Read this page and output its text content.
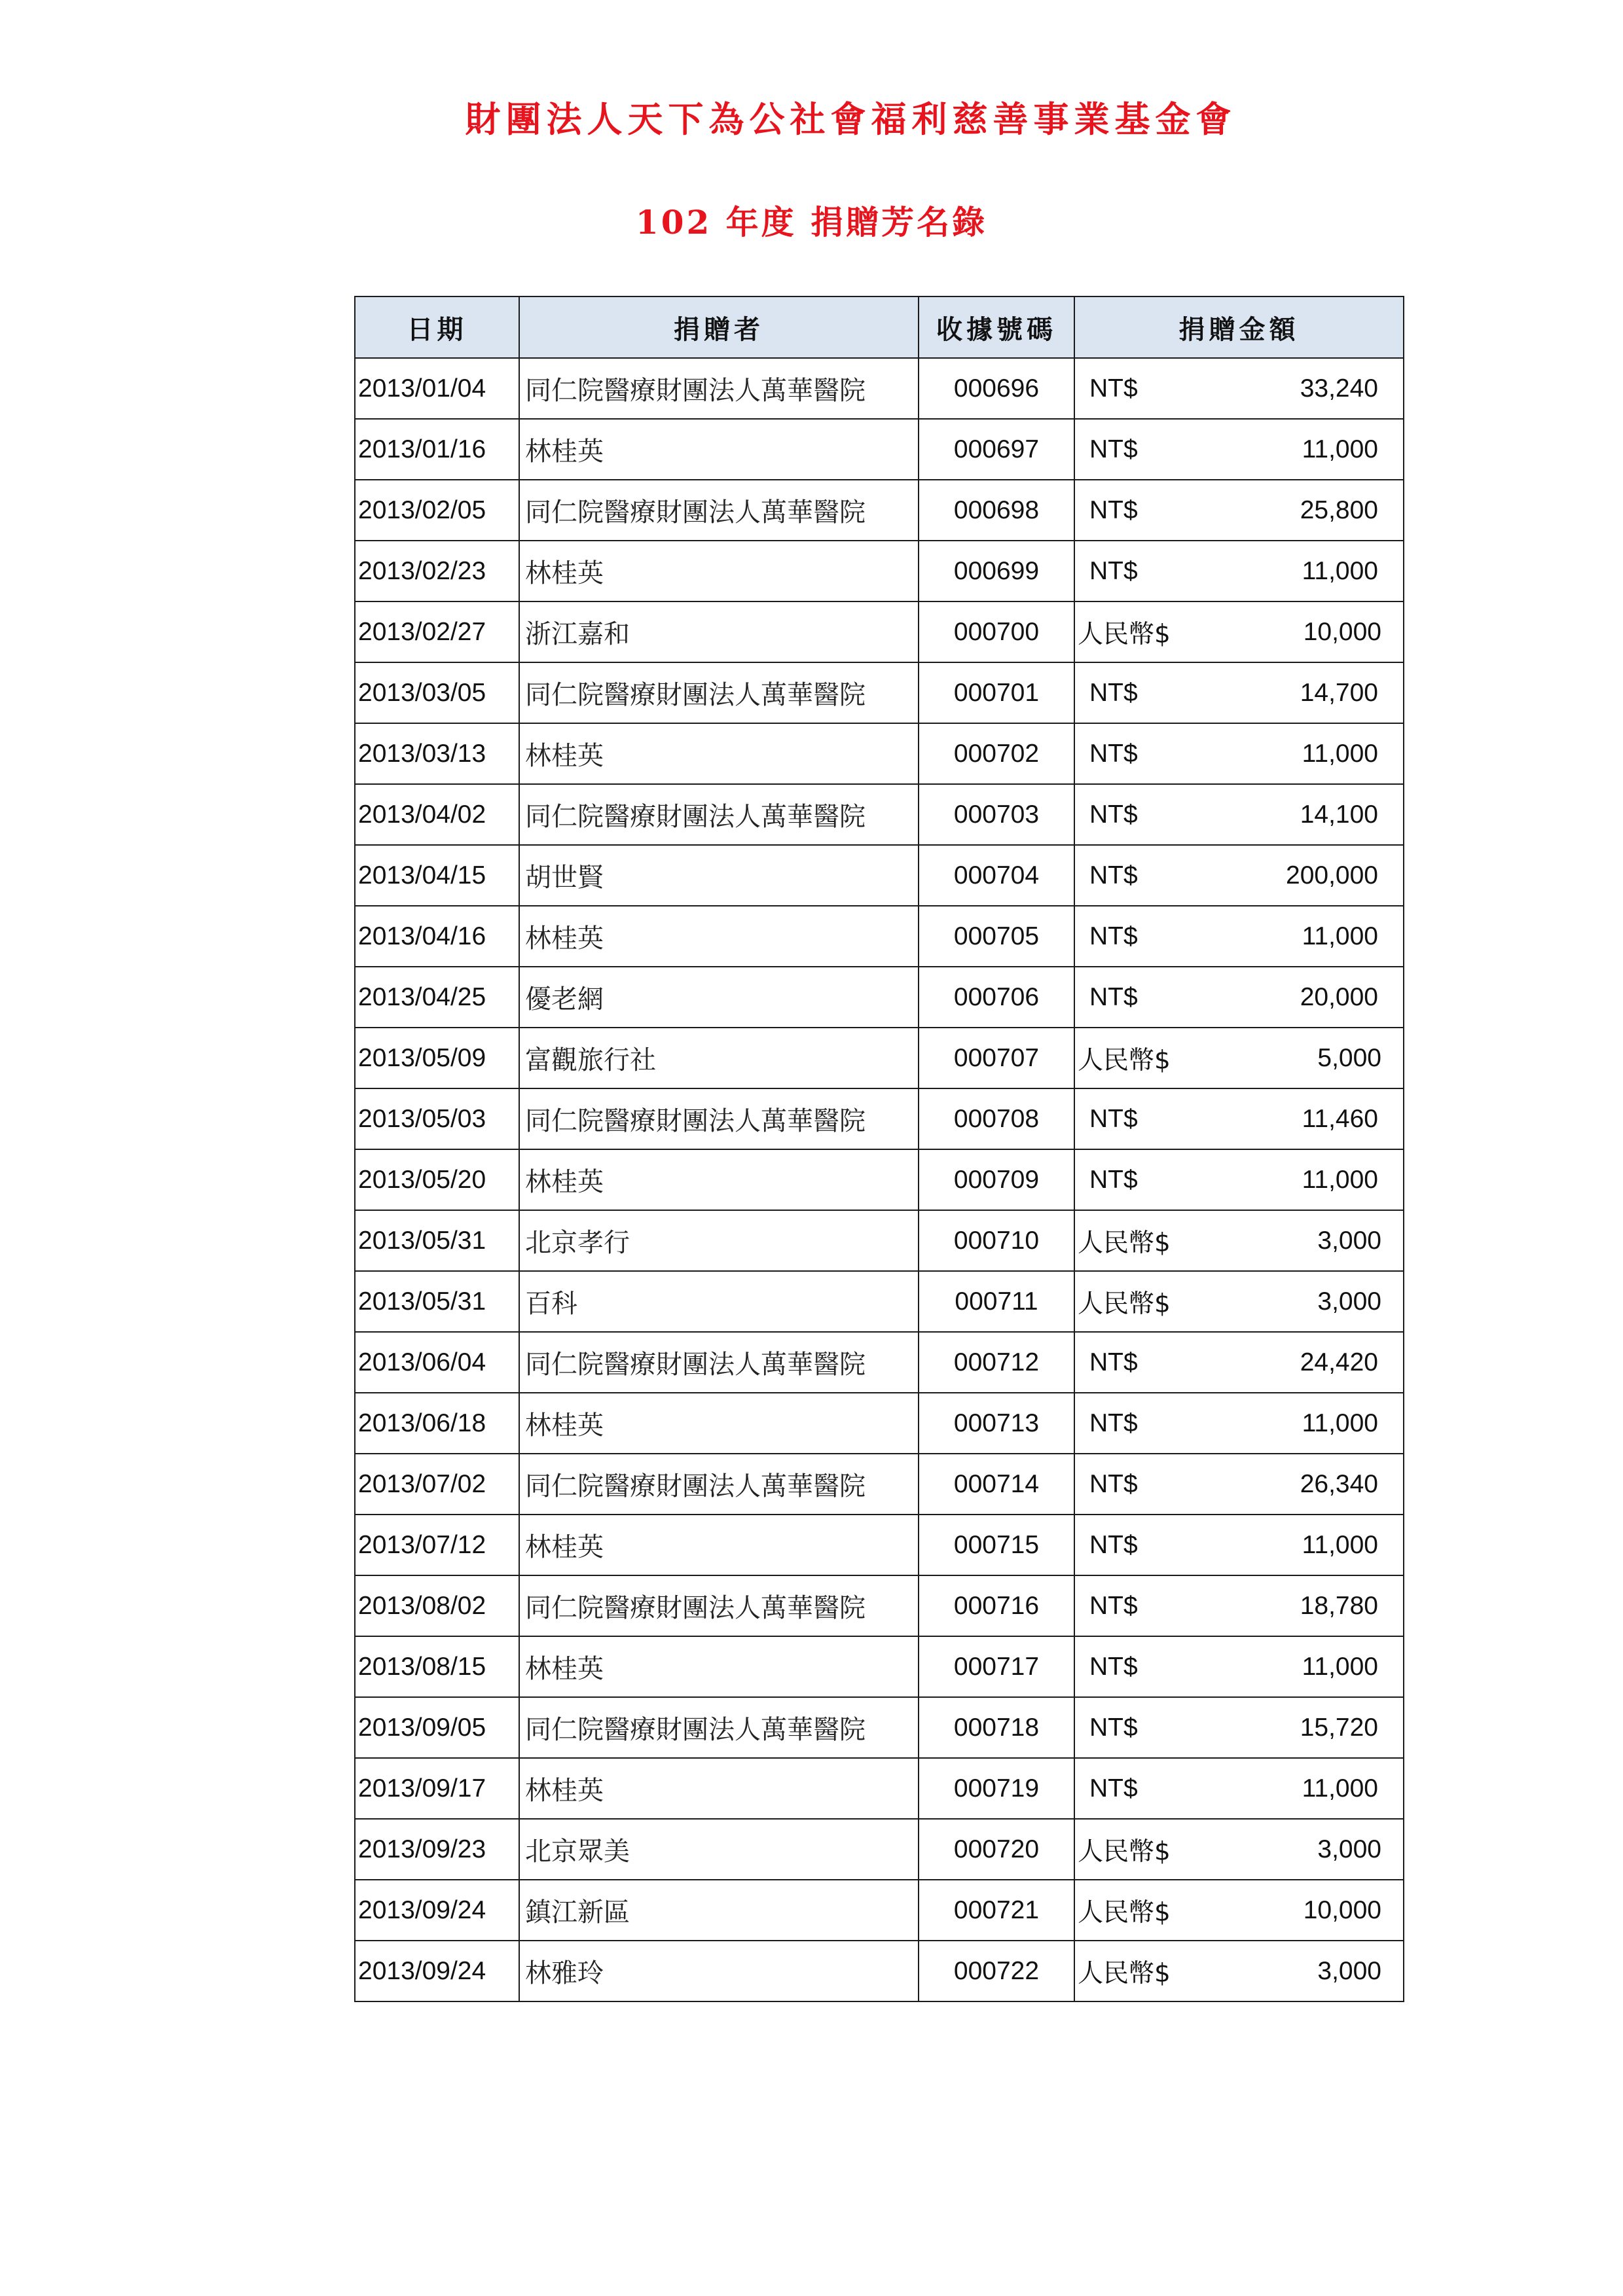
財團法人天下為公社會福利慈善事業基金會
102 年度 捐贈芳名錄
日期	捐贈者	收據號碼	捐贈金額
2013/01/04	同仁院醫療財團法人萬華醫院	000696	NT$ 33,240

2013/01/16	林桂英	000697	NT$ 11,000

2013/02/05	同仁院醫療財團法人萬華醫院	000698	NT$ 25,800

2013/02/23	林桂英	000699	NT$ 11,000

2013/02/27	浙江嘉和	000700	人民幣$ 10,000

2013/03/05	同仁院醫療財團法人萬華醫院	000701	NT$ 14,700

2013/03/13	林桂英	000702	NT$ 11,000

2013/04/02	同仁院醫療財團法人萬華醫院	000703	NT$ 14,100

2013/04/15	胡世賢	000704	NT$ 200,000

2013/04/16	林桂英	000705	NT$ 11,000

2013/04/25	優老網	000706	NT$ 20,000

2013/05/09	富觀旅行社	000707	人民幣$ 5,000

2013/05/03	同仁院醫療財團法人萬華醫院	000708	NT$ 11,460

2013/05/20	林桂英	000709	NT$ 11,000

2013/05/31	北京孝行	000710	人民幣$ 3,000

2013/05/31	百科	000711	人民幣$ 3,000

2013/06/04	同仁院醫療財團法人萬華醫院	000712	NT$ 24,420

2013/06/18	林桂英	000713	NT$ 11,000

2013/07/02	同仁院醫療財團法人萬華醫院	000714	NT$ 26,340

2013/07/12	林桂英	000715	NT$ 11,000

2013/08/02	同仁院醫療財團法人萬華醫院	000716	NT$ 18,780

2013/08/15	林桂英	000717	NT$ 11,000

2013/09/05	同仁院醫療財團法人萬華醫院	000718	NT$ 15,720

2013/09/17	林桂英	000719	NT$ 11,000

2013/09/23	北京眾美	000720	人民幣$ 3,000

2013/09/24	鎮江新區	000721	人民幣$ 10,000

2013/09/24	林雅玲	000722	人民幣$ 3,000
